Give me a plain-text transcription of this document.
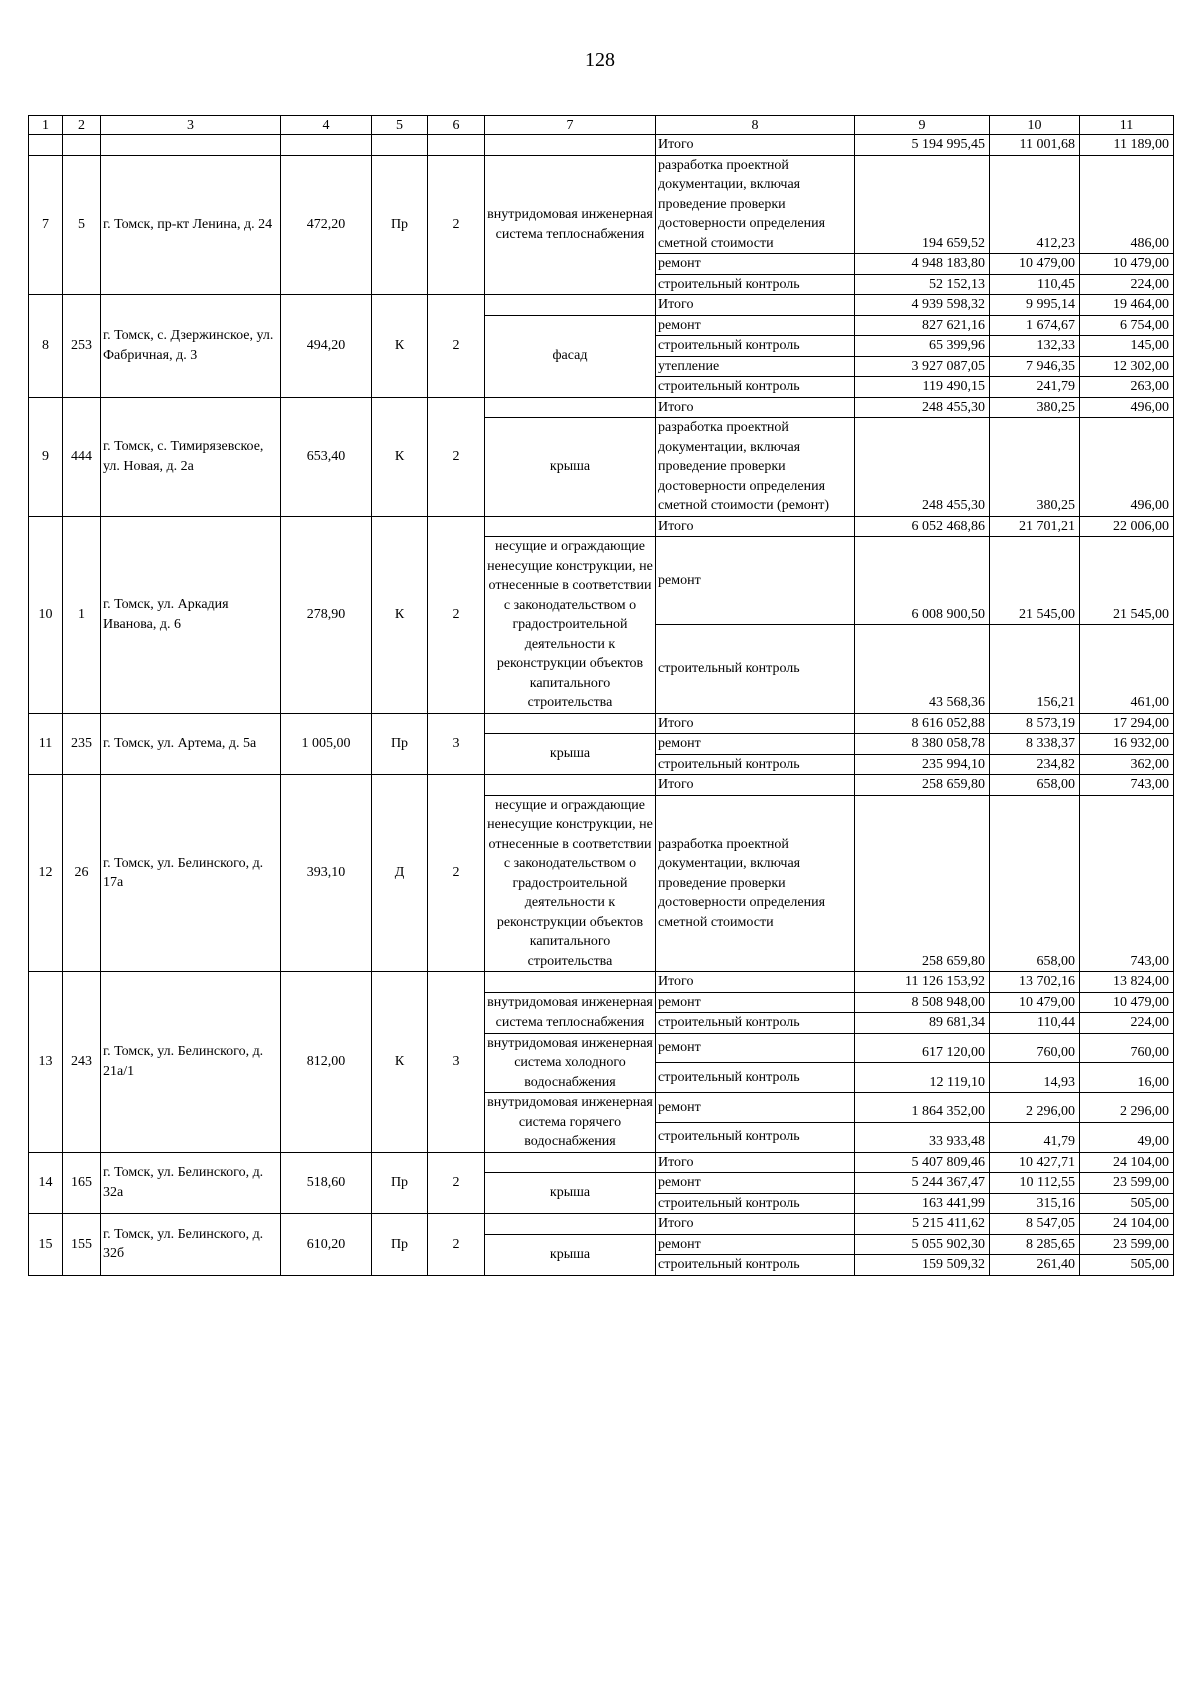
128
1	2	3	4	5	6	7	8	9	10	11
							Итого	5 194 995,45	11 001,68	11 189,00
7	5	г. Томск, пр-кт Ленина, д. 24	472,20	Пр	2	внутридомовая инженерная система теплоснабжения	разработка проектной документации, включая проведение проверки достоверности определения сметной стоимости	194 659,52	412,23	486,00
							ремонт	4 948 183,80	10 479,00	10 479,00
							строительный контроль	52 152,13	110,45	224,00
8	253	г. Томск, с. Дзержинское, ул. Фабричная, д. 3	494,20	К	2		Итого	4 939 598,32	9 995,14	19 464,00
						фасад	ремонт	827 621,16	1 674,67	6 754,00
							строительный контроль	65 399,96	132,33	145,00
							утепление	3 927 087,05	7 946,35	12 302,00
							строительный контроль	119 490,15	241,79	263,00
9	444	г. Томск, с. Тимирязевское, ул. Новая, д. 2а	653,40	К	2		Итого	248 455,30	380,25	496,00
						крыша	разработка проектной документации, включая проведение проверки достоверности определения сметной стоимости (ремонт)	248 455,30	380,25	496,00
10	1	г. Томск, ул. Аркадия Иванова, д. 6	278,90	К	2		Итого	6 052 468,86	21 701,21	22 006,00
						несущие и ограждающие ненесущие конструкции, не отнесенные в соответствии с законодательством о градостроительной деятельности к реконструкции объектов капитального строительства	ремонт	6 008 900,50	21 545,00	21 545,00
							строительный контроль	43 568,36	156,21	461,00
11	235	г. Томск, ул. Артема, д. 5а	1 005,00	Пр	3		Итого	8 616 052,88	8 573,19	17 294,00
						крыша	ремонт	8 380 058,78	8 338,37	16 932,00
							строительный контроль	235 994,10	234,82	362,00
12	26	г. Томск, ул. Белинского, д. 17а	393,10	Д	2		Итого	258 659,80	658,00	743,00
						несущие и ограждающие ненесущие конструкции, не отнесенные в соответствии с законодательством о градостроительной деятельности к реконструкции объектов капитального строительства	разработка проектной документации, включая проведение проверки достоверности определения сметной стоимости	258 659,80	658,00	743,00
13	243	г. Томск, ул. Белинского, д. 21а/1	812,00	К	3		Итого	11 126 153,92	13 702,16	13 824,00
						внутридомовая инженерная система теплоснабжения	ремонт	8 508 948,00	10 479,00	10 479,00
							строительный контроль	89 681,34	110,44	224,00
						внутридомовая инженерная система холодного водоснабжения	ремонт	617 120,00	760,00	760,00
							строительный контроль	12 119,10	14,93	16,00
						внутридомовая инженерная система горячего водоснабжения	ремонт	1 864 352,00	2 296,00	2 296,00
							строительный контроль	33 933,48	41,79	49,00
14	165	г. Томск, ул. Белинского, д. 32а	518,60	Пр	2		Итого	5 407 809,46	10 427,71	24 104,00
						крыша	ремонт	5 244 367,47	10 112,55	23 599,00
							строительный контроль	163 441,99	315,16	505,00
15	155	г. Томск, ул. Белинского, д. 32б	610,20	Пр	2		Итого	5 215 411,62	8 547,05	24 104,00
						крыша	ремонт	5 055 902,30	8 285,65	23 599,00
							строительный контроль	159 509,32	261,40	505,00
